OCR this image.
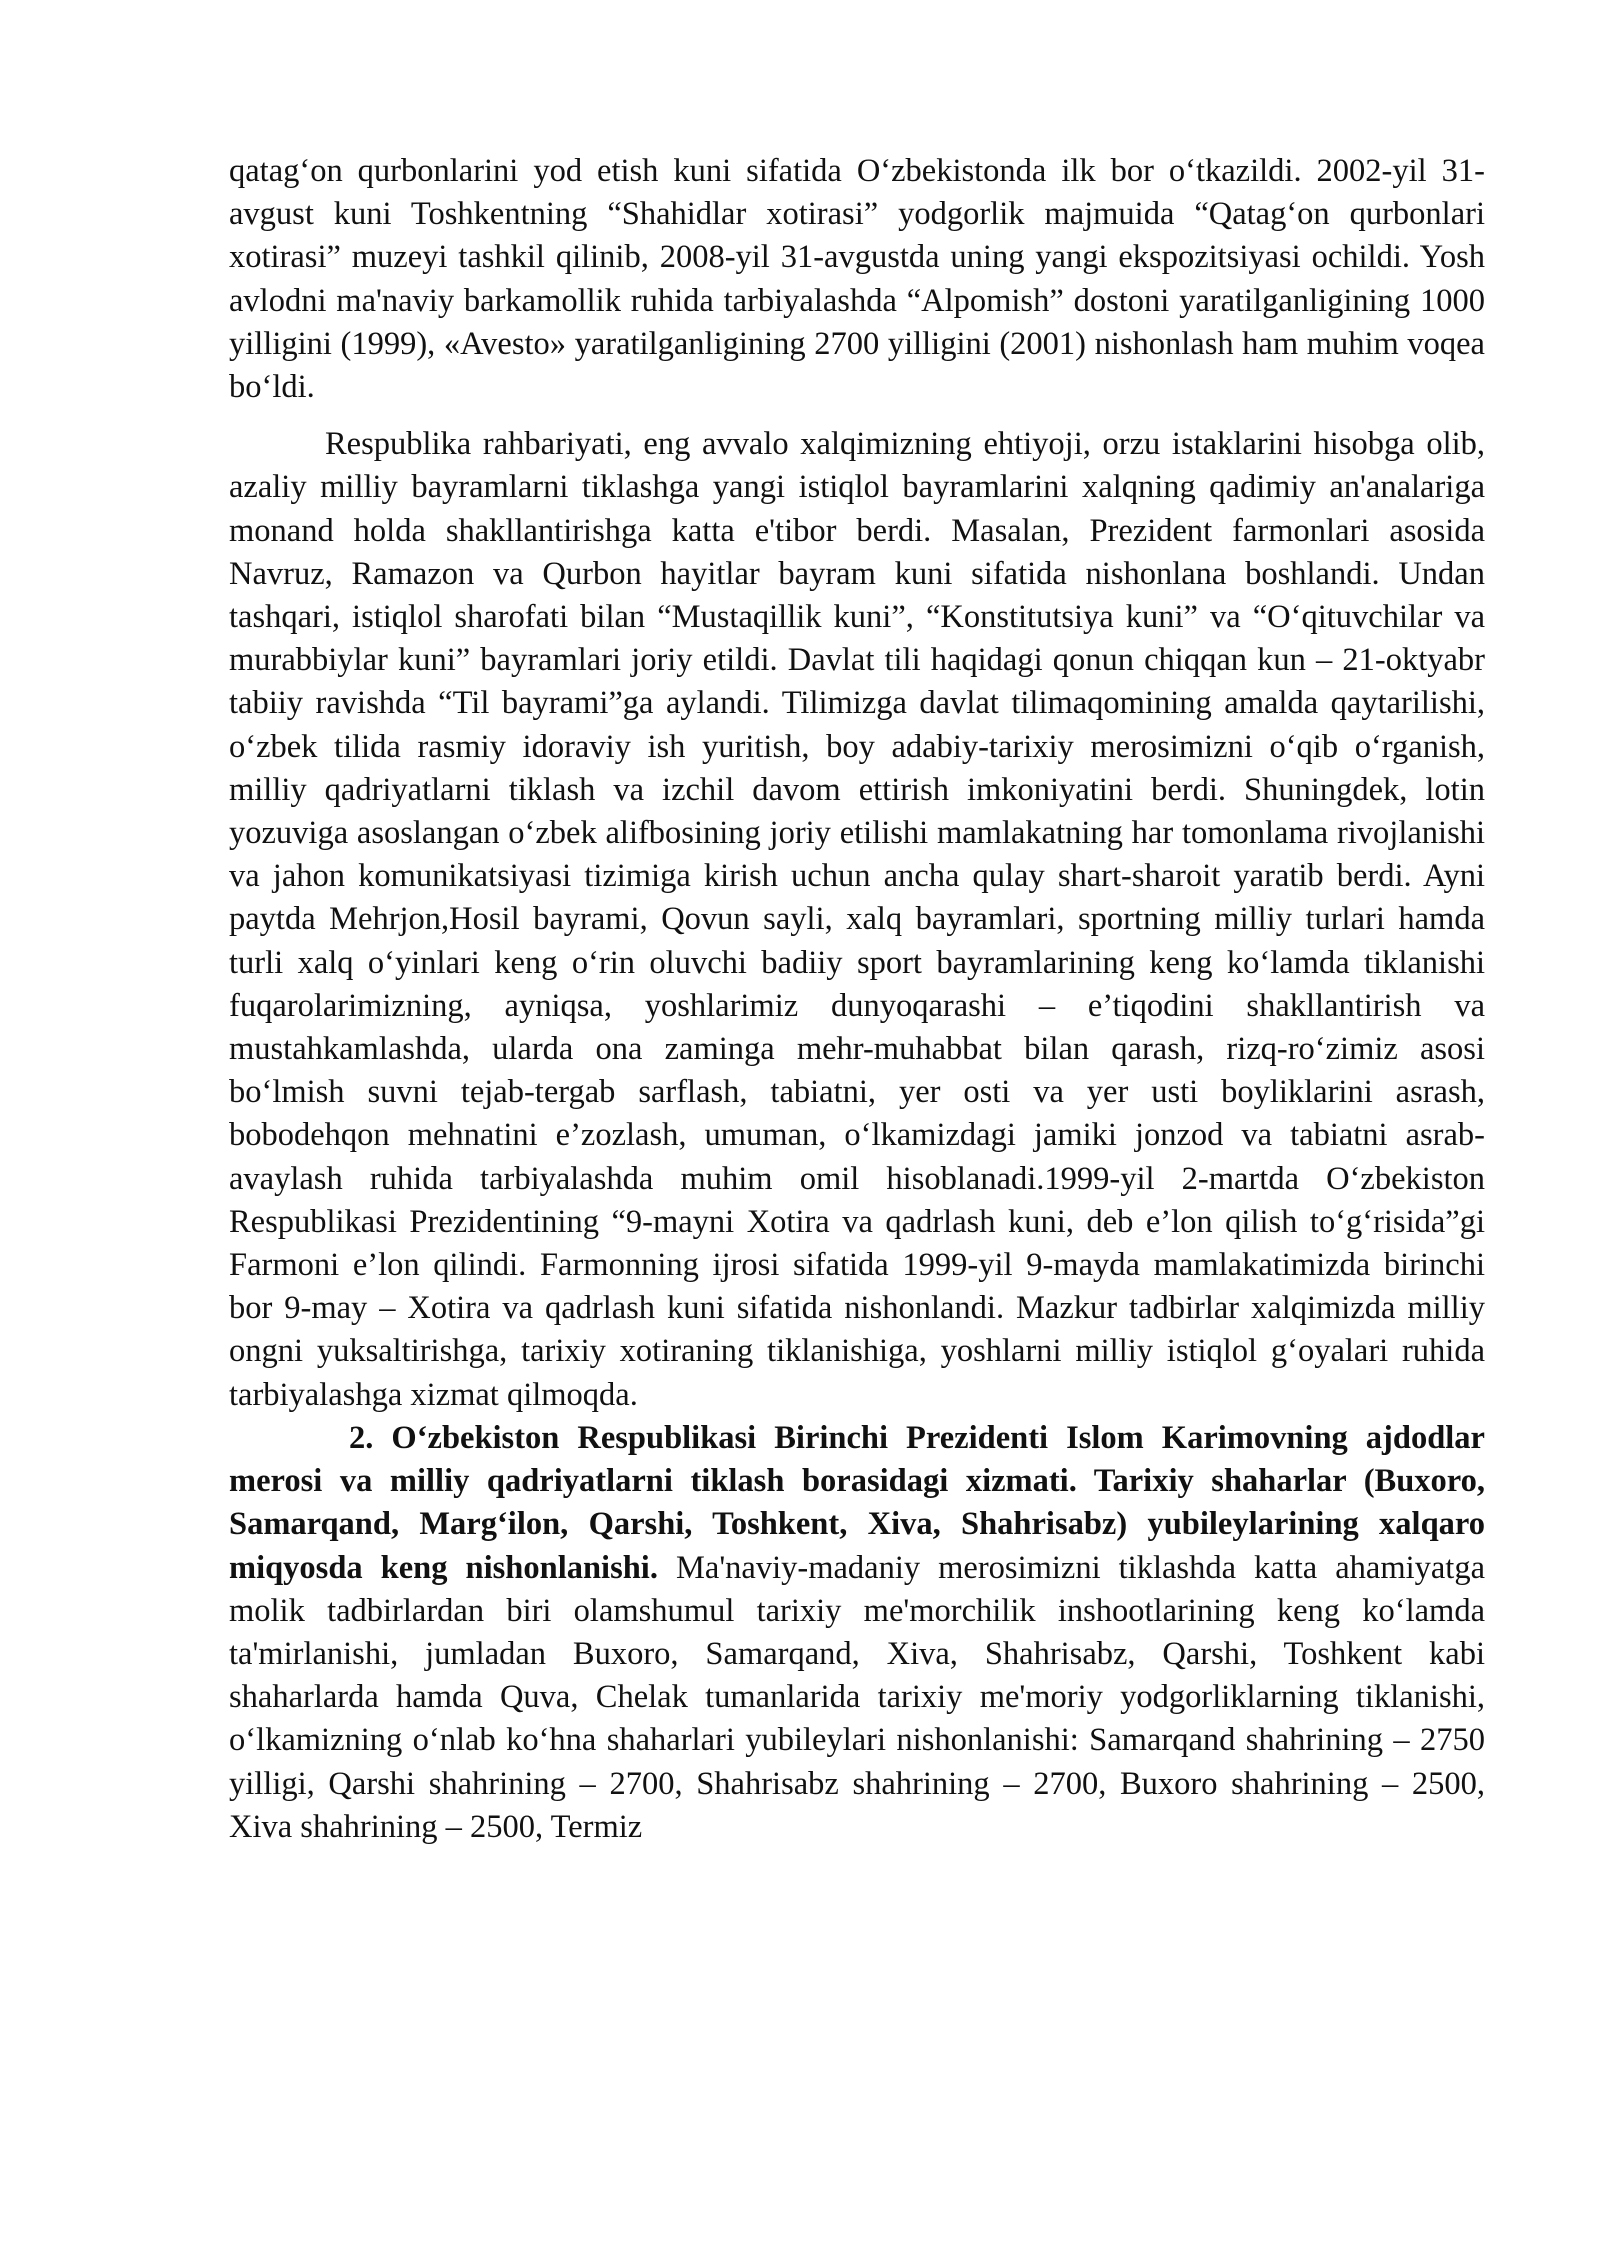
qatag‘on qurbonlarini yod etish kuni sifatida O‘zbekistonda ilk bor o‘tkazildi. 2002-yil 31-avgust kuni Toshkentning “Shahidlar xotirasi” yodgorlik majmuida “Qatag‘on qurbonlari xotirasi” muzeyi tashkil qilinib, 2008-yil 31-avgustda uning yangi ekspozitsiyasi ochildi. Yosh avlodni ma'naviy barkamollik ruhida tarbiyalashda “Alpomish” dostoni yaratilganligining 1000 yilligini (1999), «Avesto» yaratilganligining 2700 yilligini (2001) nishonlash ham muhim voqea bo‘ldi.

Respublika rahbariyati, eng avvalo xalqimizning ehtiyoji, orzu istaklarini hisobga olib, azaliy milliy bayramlarni tiklashga yangi istiqlol bayramlarini xalqning qadimiy an'analariga monand holda shakllantirishga katta e'tibor berdi. Masalan, Prezident farmonlari asosida Navruz, Ramazon va Qurbon hayitlar bayram kuni sifatida nishonlana boshlandi. Undan tashqari, istiqlol sharofati bilan “Mustaqillik kuni”, “Konstitutsiya kuni” va “O‘qituvchilar va murabbiylar kuni” bayramlari joriy etildi. Davlat tili haqidagi qonun chiqqan kun – 21-oktyabr tabiiy ravishda “Til bayrami”ga aylandi. Tilimizga davlat tilimaqomining amalda qaytarilishi, o‘zbek tilida rasmiy idoraviy ish yuritish, boy adabiy-tarixiy merosimizni o‘qib o‘rganish, milliy qadriyatlarni tiklash va izchil davom ettirish imkoniyatini berdi. Shuningdek, lotin yozuviga asoslangan o‘zbek alifbosining joriy etilishi mamlakatning har tomonlama rivojlanishi va jahon komunikatsiyasi tizimiga kirish uchun ancha qulay shart-sharoit yaratib berdi. Ayni paytda Mehrjon,Hosil bayrami, Qovun sayli, xalq bayramlari, sportning milliy turlari hamda turli xalq o‘yinlari keng o‘rin oluvchi badiiy sport bayramlarining keng ko‘lamda tiklanishi fuqarolarimizning, ayniqsa, yoshlarimiz dunyoqarashi – e’tiqodini shakllantirish va mustahkamlashda, ularda ona zaminga mehr-muhabbat bilan qarash, rizq-ro‘zimiz asosi bo‘lmish suvni tejab-tergab sarflash, tabiatni, yer osti va yer usti boyliklarini asrash, bobodehqon mehnatini e’zozlash, umuman, o‘lkamizdagi jamiki jonzod va tabiatni asrab-avaylash ruhida tarbiyalashda muhim omil hisoblanadi.1999-yil 2-martda O‘zbekiston Respublikasi Prezidentining “9-mayni Xotira va qadrlash kuni, deb e’lon qilish to‘g‘risida”gi Farmoni e’lon qilindi. Farmonning ijrosi sifatida 1999-yil 9-mayda mamlakatimizda birinchi bor 9-may – Xotira va qadrlash kuni sifatida nishonlandi. Mazkur tadbirlar xalqimizda milliy ongni yuksaltirishga, tarixiy xotiraning tiklanishiga, yoshlarni milliy istiqlol g‘oyalari ruhida tarbiyalashga xizmat qilmoqda.

2. O‘zbekiston Respublikasi Birinchi Prezidenti Islom Karimovning ajdodlar merosi va milliy qadriyatlarni tiklash borasidagi xizmati. Tarixiy shaharlar (Buxoro, Samarqand, Marg‘ilon, Qarshi, Toshkent, Xiva, Shahrisabz) yubileylarining xalqaro miqyosda keng nishonlanishi. Ma'naviy-madaniy merosimizni tiklashda katta ahamiyatga molik tadbirlardan biri olamshumul tarixiy me'morchilik inshootlarining keng ko‘lamda ta'mirlanishi, jumladan Buxoro, Samarqand, Xiva, Shahrisabz, Qarshi, Toshkent kabi shaharlarda hamda Quva, Chelak tumanlarida tarixiy me'moriy yodgorliklarning tiklanishi, o‘lkamizning o‘nlab ko‘hna shaharlari yubileylari nishonlanishi: Samarqand shahrining – 2750 yilligi, Qarshi shahrining – 2700, Shahrisabz shahrining – 2700, Buxoro shahrining – 2500, Xiva shahrining – 2500, Termiz
